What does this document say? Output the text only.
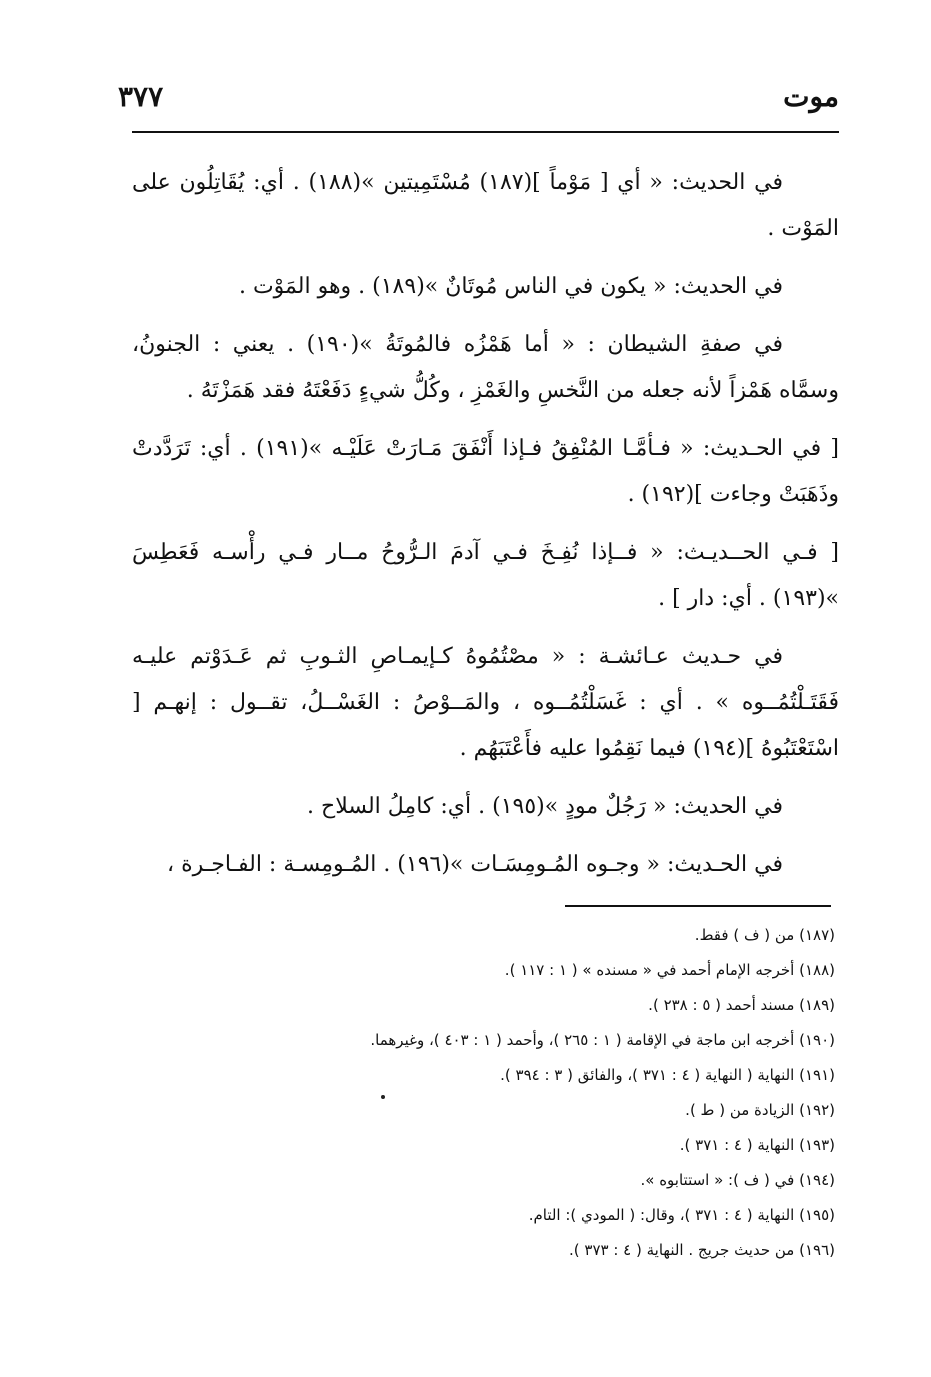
موت
٣٧٧

في الحديث: « أي [ مَوْماً ](١٨٧) مُسْتَمِيتين »(١٨٨) . أي: يُقَاتِلُون على المَوْت .

في الحديث: « يكون في الناس مُوتَانٌ »(١٨٩) . وهو المَوْت .

في صفةِ الشيطان : « أما هَمْزُه فالمُوتَةُ »(١٩٠) . يعني : الجنونُ، وسمَّاه هَمْزاً لأنه جعله من النَّخسِ والغَمْزِ ، وكُلُّ شيءٍ دَفَعْتَهُ فقد هَمَزْتَهُ .

[ في الحـديث: « فـأمَّـا المُنْفِقُ فـإذا أَنْفَقَ مَـارَتْ عَلَيْـه »(١٩١) . أي: تَرَدَّدتْ وذَهَبَتْ وجاءت ](١٩٢) .

[ فـي الحــديـث: « فــإذا نُفِـخَ فـي آدمَ الـرُّوحُ مــار فـي رأْسـه فَعَطِسَ »(١٩٣) . أي: دار ] .

في حـديث عـائشـة : « مصْتُمُوهُ كـإيمـاصِ الثـوبِ ثم عَـدَوْتم عليـه فَقَتَـلْتُمُــوه » . أي : غَسَلْتُمُــوه ، والمَــوْصُ : الغَسْــلُ، تقــول : إنهـم [ اسْتَعْتَبُوهُ ](١٩٤) فيما نَقِمُوا عليه فأَعْتَبَهُم .

في الحديث: « رَجُلٌ مودٍ »(١٩٥) . أي: كامِلُ السلاح .

في الحـديث: « وجـوه المُـومِسَـات »(١٩٦) . المُـومِسـة : الفـاجـرة ،

(١٨٧) من ( ف ) فقط.

(١٨٨) أخرجه الإمام أحمد في « مسنده » ( ١ : ١١٧ ).

(١٨٩) مسند أحمد ( ٥ : ٢٣٨ ).

(١٩٠) أخرجه ابن ماجة في الإقامة ( ١ : ٢٦٥ )، وأحمد ( ١ : ٤٠٣ )، وغيرهما.

(١٩١) النهاية ( النهاية ( ٤ : ٣٧١ )، والفائق ( ٣ : ٣٩٤ ).

(١٩٢) الزيادة من ( ط ).

(١٩٣) النهاية ( ٤ : ٣٧١ ).

(١٩٤) في ( ف ): « استتابوه ».

(١٩٥) النهاية ( ٤ : ٣٧١ )، وقال: ( المودي ): التام.

(١٩٦) من حديث جريج . النهاية ( ٤ : ٣٧٣ ).
